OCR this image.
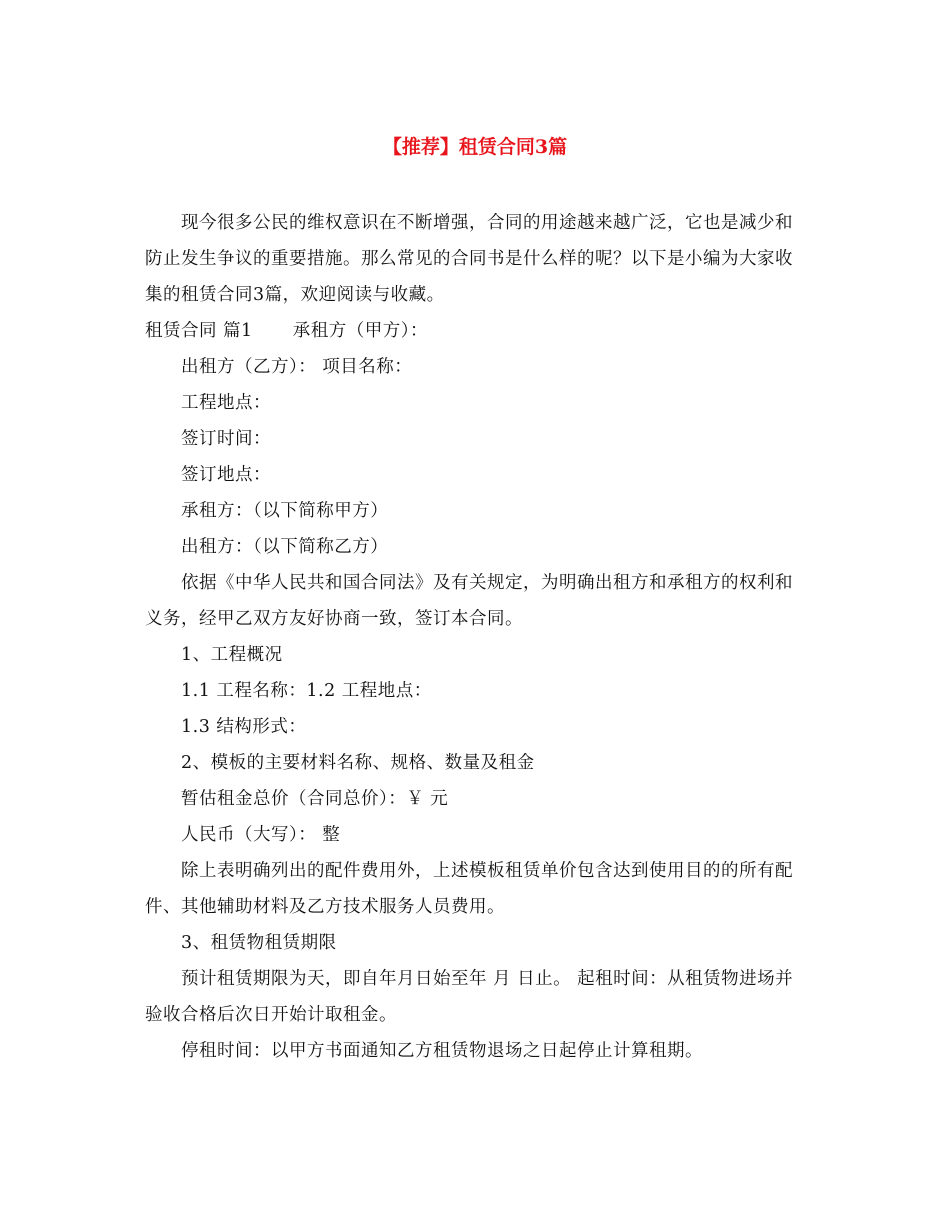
【推荐】租赁合同3篇

现今很多公民的维权意识在不断增强，合同的用途越来越广泛，它也是减少和防止发生争议的重要措施。那么常见的合同书是什么样的呢？以下是小编为大家收集的租赁合同3篇，欢迎阅读与收藏。

租赁合同 篇1 承租方（甲方）：

出租方（乙方）： 项目名称：

工程地点：

签订时间：

签订地点：

承租方：（以下简称甲方）

出租方：（以下简称乙方）

依据《中华人民共和国合同法》及有关规定，为明确出租方和承租方的权利和义务，经甲乙双方友好协商一致，签订本合同。

1、工程概况

1.1 工程名称：1.2 工程地点：

1.3 结构形式：

2、模板的主要材料名称、规格、数量及租金

暂估租金总价（合同总价）：￥ 元

人民币（大写）： 整

除上表明确列出的配件费用外，上述模板租赁单价包含达到使用目的的所有配件、其他辅助材料及乙方技术服务人员费用。

3、租赁物租赁期限

预计租赁期限为天，即自年月日始至年 月 日止。 起租时间：从租赁物进场并验收合格后次日开始计取租金。

停租时间：以甲方书面通知乙方租赁物退场之日起停止计算租期。
